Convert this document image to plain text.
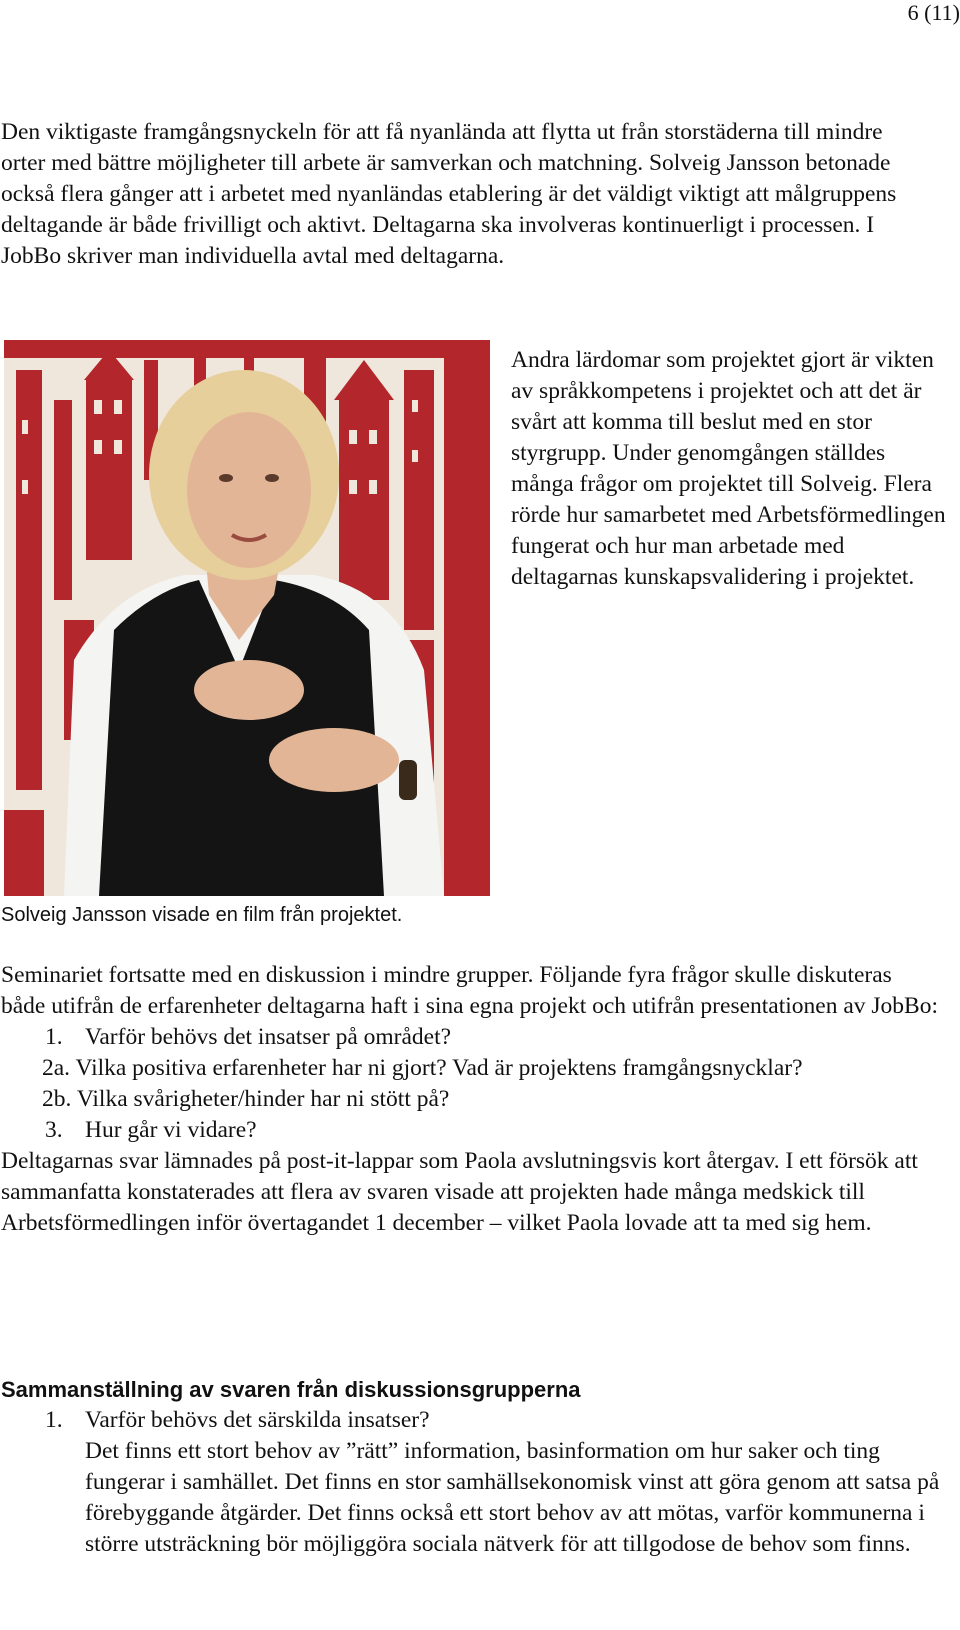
6 (11)

Den viktigaste framgångsnyckeln för att få nyanlända att flytta ut från storstäderna till mindre orter med bättre möjligheter till arbete är samverkan och matchning. Solveig Jansson betonade också flera gånger att i arbetet med nyanländas etablering är det väldigt viktigt att målgruppens deltagande är både frivilligt och aktivt. Deltagarna ska involveras kontinuerligt i processen. I JobBo skriver man individuella avtal med deltagarna.

Andra lärdomar som projektet gjort är vikten av språkkompetens i projektet och att det är svårt att komma till beslut med en stor styrgrupp. Under genomgången ställdes många frågor om projektet till Solveig. Flera rörde hur samarbetet med Arbetsförmedlingen fungerat och hur man arbetade med deltagarnas kunskapsvalidering i projektet.

Solveig Jansson visade en film från projektet.

Seminariet fortsatte med en diskussion i mindre grupper. Följande fyra frågor skulle diskuteras både utifrån de erfarenheter deltagarna haft i sina egna projekt och utifrån presentationen av JobBo:

1. Varför behövs det insatser på området?
2a. Vilka positiva erfarenheter har ni gjort? Vad är projektens framgångsnycklar?
2b. Vilka svårigheter/hinder har ni stött på?
3. Hur går vi vidare?

Deltagarnas svar lämnades på post-it-lappar som Paola avslutningsvis kort återgav. I ett försök att sammanfatta konstaterades att flera av svaren visade att projekten hade många medskick till Arbetsförmedlingen inför övertagandet 1 december – vilket Paola lovade att ta med sig hem.

Sammanställning av svaren från diskussionsgrupperna
1. Varför behövs det särskilda insatser?

Det finns ett stort behov av ”rätt” information, basinformation om hur saker och ting fungerar i samhället. Det finns en stor samhällsekonomisk vinst att göra genom att satsa på förebyggande åtgärder. Det finns också ett stort behov av att mötas, varför kommunerna i större utsträckning bör möjliggöra sociala nätverk för att tillgodose de behov som finns.
